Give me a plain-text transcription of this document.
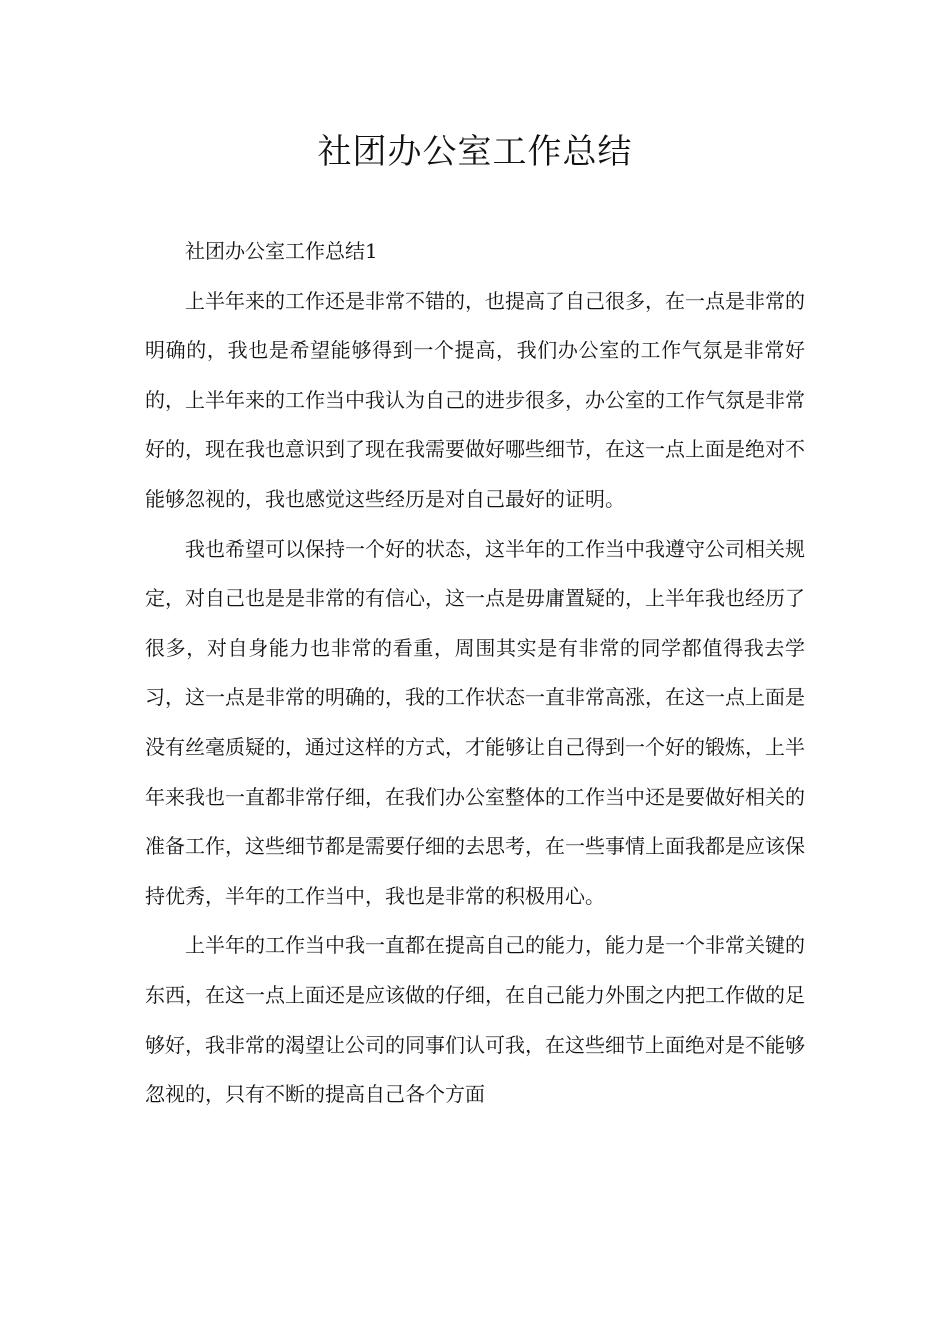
社团办公室工作总结

社团办公室工作总结1

上半年来的工作还是非常不错的，也提高了自己很多，在一点是非常的明确的，我也是希望能够得到一个提高，我们办公室的工作气氛是非常好的，上半年来的工作当中我认为自己的进步很多，办公室的工作气氛是非常好的，现在我也意识到了现在我需要做好哪些细节，在这一点上面是绝对不能够忽视的，我也感觉这些经历是对自己最好的证明。

我也希望可以保持一个好的状态，这半年的工作当中我遵守公司相关规定，对自己也是是非常的有信心，这一点是毋庸置疑的，上半年我也经历了很多，对自身能力也非常的看重，周围其实是有非常的同学都值得我去学习，这一点是非常的明确的，我的工作状态一直非常高涨，在这一点上面是没有丝毫质疑的，通过这样的方式，才能够让自己得到一个好的锻炼，上半年来我也一直都非常仔细，在我们办公室整体的工作当中还是要做好相关的准备工作，这些细节都是需要仔细的去思考，在一些事情上面我都是应该保持优秀，半年的工作当中，我也是非常的积极用心。

上半年的工作当中我一直都在提高自己的能力，能力是一个非常关键的东西，在这一点上面还是应该做的仔细，在自己能力外围之内把工作做的足够好，我非常的渴望让公司的同事们认可我，在这些细节上面绝对是不能够忽视的，只有不断的提高自己各个方面
